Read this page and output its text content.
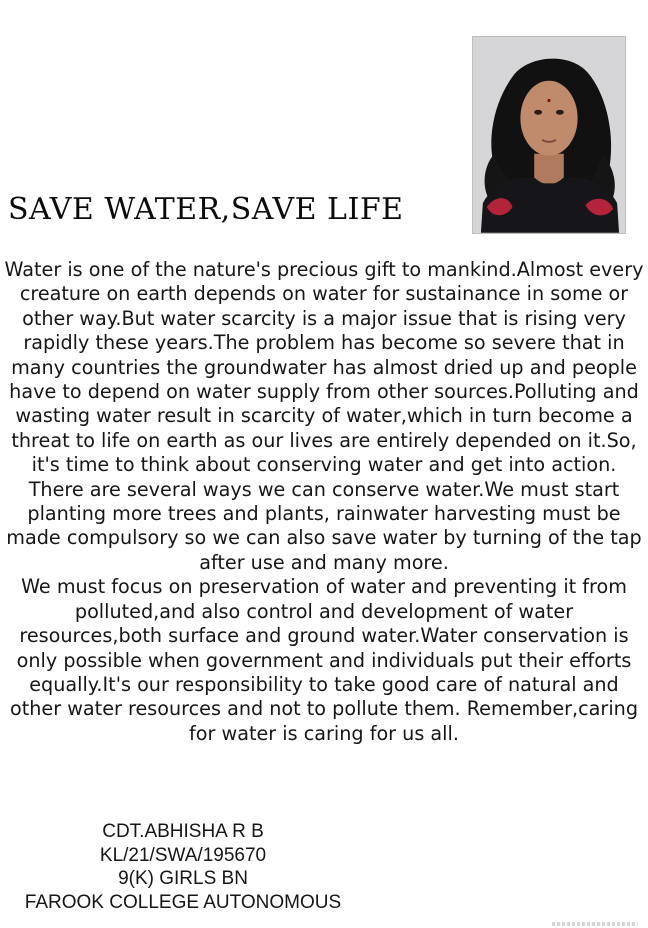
SAVE WATER,SAVE LIFE

Water is one of the nature's precious gift to mankind.Almost every creature on earth depends on water for sustainance in some or other way.But water scarcity is a major issue that is rising very rapidly these years.The problem has become so severe that in many countries the groundwater has almost dried up and people have to depend on water supply from other sources.Polluting and wasting water result in scarcity of water,which in turn become a threat to life on earth as our lives are entirely depended on it.So, it's time to think about conserving water and get into action.

There are several ways we can conserve water.We must start planting more trees and plants, rainwater harvesting must be made compulsory so we can also save water by turning of the tap after use and many more.

We must focus on preservation of water and preventing it from polluted,and also control and development of water resources,both surface and ground water.Water conservation is only possible when government and individuals put their efforts equally.It's our responsibility to take good care of natural and other water resources and not to pollute them. Remember,caring for water is caring for us all.

CDT.ABHISHA R B
KL/21/SWA/195670
9(K) GIRLS BN
FAROOK COLLEGE AUTONOMOUS
